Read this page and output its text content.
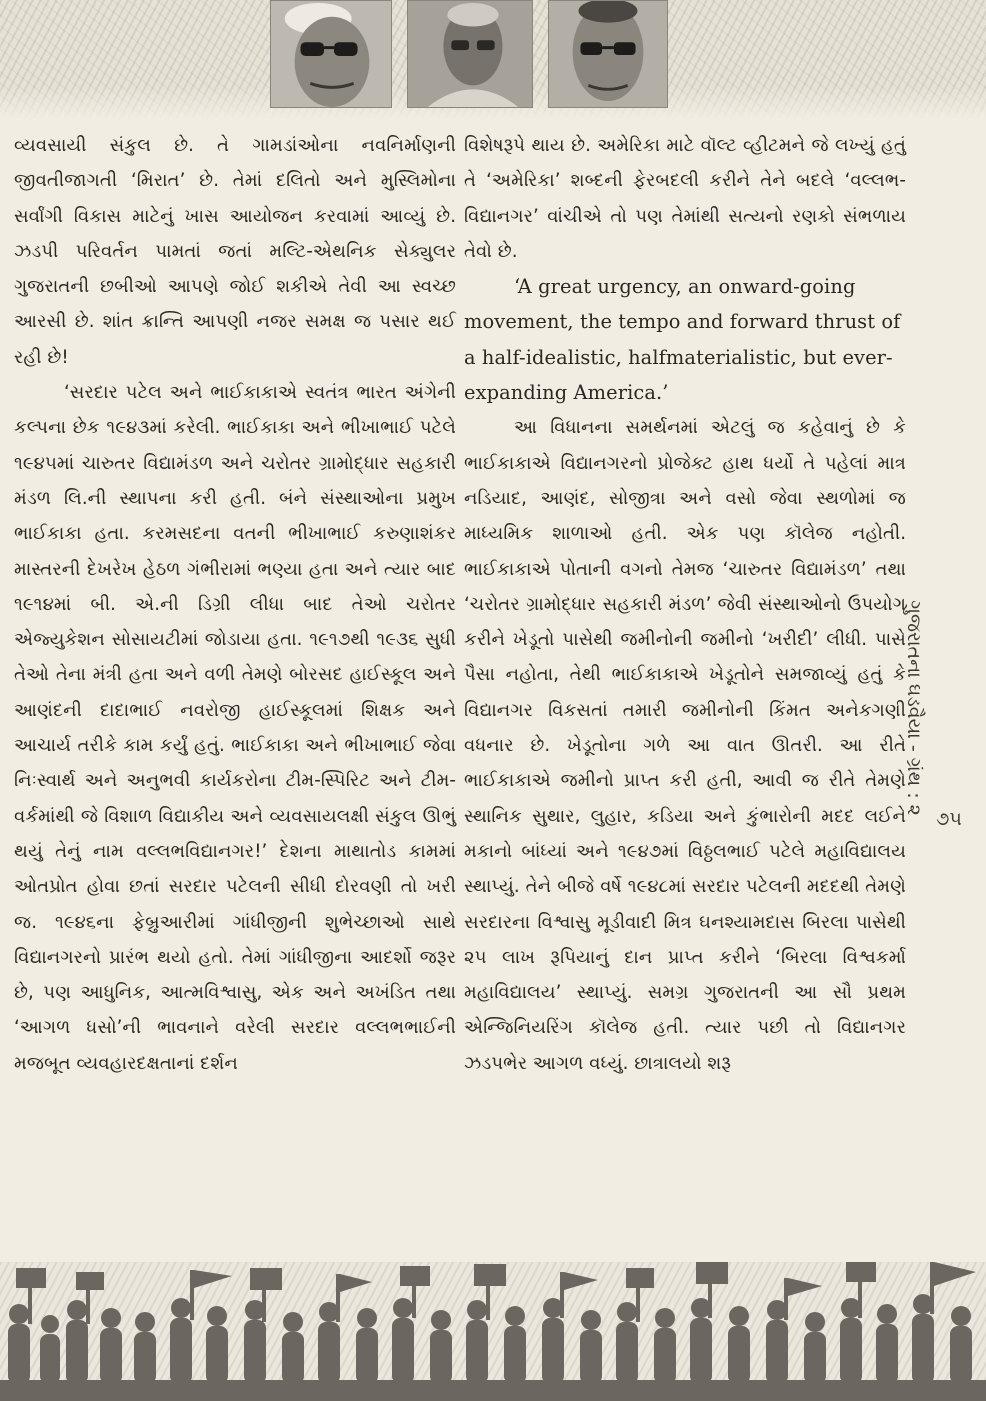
વ્યવસાયી સંકુલ છે. તે ગામડાંઓના નવનિર્માણની જીવતીજાગતી ‘મિરાત’ છે. તેમાં દલિતો અને મુસ્લિમોના સર્વાંગી વિકાસ માટેનું ખાસ આયોજન કરવામાં આવ્યું છે. ઝડપી પરિવર્તન પામતાં જતાં મલ્ટિ-એથનિક સેક્યુલર ગુજરાતની છબીઓ આપણે જોઈ શકીએ તેવી આ સ્વચ્છ આરસી છે. શાંત ક્રાન્તિ આપણી નજર સમક્ષ જ પસાર થઈ રહી છે!

‘સરદાર પટેલ અને ભાઈકાકાએ સ્વતંત્ર ભારત અંગેની કલ્પના છેક ૧૯૪૩માં કરેલી. ભાઈકાકા અને ભીખાભાઈ પટેલે ૧૯૪૫માં ચારુતર વિદ્યામંડળ અને ચરોતર ગ્રામોદ્ધાર સહકારી મંડળ લિ.ની સ્થાપના કરી હતી. બંને સંસ્થાઓના પ્રમુખ ભાઈકાકા હતા. કરમસદના વતની ભીખાભાઈ કરુણાશંકર માસ્તરની દેખરેખ હેઠળ ગંભીરામાં ભણ્યા હતા અને ત્યાર બાદ ૧૯૧૪માં બી. એ.ની ડિગ્રી લીધા બાદ તેઓ ચરોતર એજ્યુકેશન સોસાયટીમાં જોડાયા હતા. ૧૯૧૭થી ૧૯૩૬ સુધી તેઓ તેના મંત્રી હતા અને વળી તેમણે બોરસદ હાઈસ્કૂલ અને આણંદની દાદાભાઈ નવરોજી હાઈસ્કૂલમાં શિક્ષક અને આચાર્ય તરીકે કામ કર્યું હતું. ભાઈકાકા અને ભીખાભાઈ જેવા નિઃસ્વાર્થ અને અનુભવી કાર્યકરોના ટીમ-સ્પિરિટ અને ટીમ-વર્કમાંથી જે વિશાળ વિદ્યાકીય અને વ્યવસાયલક્ષી સંકુલ ઊભું થયું તેનું નામ વલ્લભવિદ્યાનગર!’ દેશના માથાતોડ કામમાં ઓતપ્રોત હોવા છતાં સરદાર પટેલની સીધી દોરવણી તો ખરી જ. ૧૯૪૬ના ફેબ્રુઆરીમાં ગાંધીજીની શુભેચ્છાઓ સાથે વિદ્યાનગરનો પ્રારંભ થયો હતો. તેમાં ગાંધીજીના આદર્શો જરૂર છે, પણ આધુનિક, આત્મવિશ્વાસુ, એક અને અખંડિત તથા ‘આગળ ધસો’ની ભાવનાને વરેલી સરદાર વલ્લભભાઈની મજબૂત વ્યવહારદક્ષતાનાં દર્શન

વિશેષરૂપે થાય છે. અમેરિકા માટે વૉલ્ટ વ્હીટમને જે લખ્યું હતું તે ‘અમેરિકા’ શબ્દની ફેરબદલી કરીને તેને બદલે ‘વલ્લભ- વિદ્યાનગર’ વાંચીએ તો પણ તેમાંથી સત્યનો રણકો સંભળાય તેવો છે.

‘A great urgency, an onward-going movement, the tempo and forward thrust of a half-idealistic, halfmaterialistic, but ever-expanding America.’

આ વિધાનના સમર્થનમાં એટલું જ કહેવાનું છે કે ભાઈકાકાએ વિદ્યાનગરનો પ્રોજેક્ટ હાથ ધર્યો તે પહેલાં માત્ર નડિયાદ, આણંદ, સોજીત્રા અને વસો જેવા સ્થળોમાં જ માધ્યમિક શાળાઓ હતી. એક પણ કૉલેજ નહોતી. ભાઈકાકાએ પોતાની વગનો તેમજ ‘ચારુતર વિદ્યામંડળ’ તથા ‘ચરોતર ગ્રામોદ્ધાર સહકારી મંડળ’ જેવી સંસ્થાઓનો ઉપયોગ કરીને ખેડૂતો પાસેથી જમીનોની જમીનો ‘ખરીદી’ લીધી. પાસે પૈસા નહોતા, તેથી ભાઈકાકાએ ખેડૂતોને સમજાવ્યું હતું કે વિદ્યાનગર વિકસતાં તમારી જમીનોની કિંમત અનેકગણી વધનાર છે. ખેડૂતોના ગળે આ વાત ઊતરી. આ રીતે ભાઈકાકાએ જમીનો પ્રાપ્ત કરી હતી, આવી જ રીતે તેમણે સ્થાનિક સુથાર, લુહાર, કડિયા અને કુંભારોની મદદ લઈને મકાનો બાંધ્યાં અને ૧૯૪૭માં વિઠ્ઠલભાઈ પટેલે મહાવિદ્યાલય સ્થાપ્યું. તેને બીજે વર્ષે ૧૯૪૮માં સરદાર પટેલની મદદથી તેમણે સરદારના વિશ્વાસુ મૂડીવાદી મિત્ર ઘનશ્યામદાસ બિરલા પાસેથી ૨૫ લાખ રૂપિયાનું દાન પ્રાપ્ત કરીને ‘બિરલા વિશ્વકર્મા મહાવિદ્યાલય’ સ્થાપ્યું. સમગ્ર ગુજરાતની આ સૌ પ્રથમ એન્જિનિયરિંગ કૉલેજ હતી. ત્યાર પછી તો વિદ્યાનગર ઝડપભેર આગળ વધ્યું. છાત્રાલયો શરૂ

ગુજરાતના ઘડવૈયા - ગ્રંથ : ૨
૭૫
